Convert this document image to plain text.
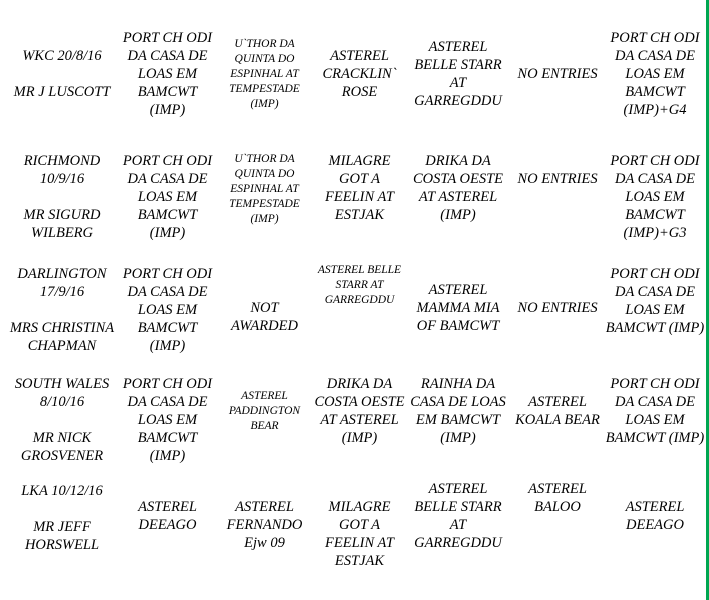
WKC 20/8/16
MR J LUSCOTT	PORT CH ODI DA CASA DE LOAS EM BAMCWT (IMP)	U`THOR DA QUINTA DO ESPINHAL AT TEMPESTADE (IMP)	ASTEREL CRACKLIN` ROSE	ASTEREL BELLE STARR AT GARREGDDU	NO ENTRIES	PORT CH ODI DA CASA DE LOAS EM BAMCWT (IMP)+G4

RICHMOND 10/9/16
MR SIGURD WILBERG	PORT CH ODI DA CASA DE LOAS EM BAMCWT (IMP)	U`THOR DA QUINTA DO ESPINHAL AT TEMPESTADE (IMP)	MILAGRE GOT A FEELIN AT ESTJAK	DRIKA DA COSTA OESTE AT ASTEREL (IMP)	NO ENTRIES	PORT CH ODI DA CASA DE LOAS EM BAMCWT (IMP)+G3

DARLINGTON 17/9/16
MRS CHRISTINA CHAPMAN	PORT CH ODI DA CASA DE LOAS EM BAMCWT (IMP)	NOT AWARDED	ASTEREL BELLE STARR AT GARREGDDU	ASTEREL MAMMA MIA OF BAMCWT	NO ENTRIES	PORT CH ODI DA CASA DE LOAS EM BAMCWT (IMP)

SOUTH WALES 8/10/16
MR NICK GROSVENER	PORT CH ODI DA CASA DE LOAS EM BAMCWT (IMP)	ASTEREL PADDINGTON BEAR	DRIKA DA COSTA OESTE AT ASTEREL (IMP)	RAINHA DA CASA DE LOAS EM BAMCWT (IMP)	ASTEREL KOALA BEAR	PORT CH ODI DA CASA DE LOAS EM BAMCWT (IMP)

LKA 10/12/16
MR JEFF HORSWELL	ASTEREL DEEAGO	ASTEREL FERNANDO Ejw 09	MILAGRE GOT A FEELIN AT ESTJAK	ASTEREL BELLE STARR AT GARREGDDU	ASTEREL BALOO	ASTEREL DEEAGO
